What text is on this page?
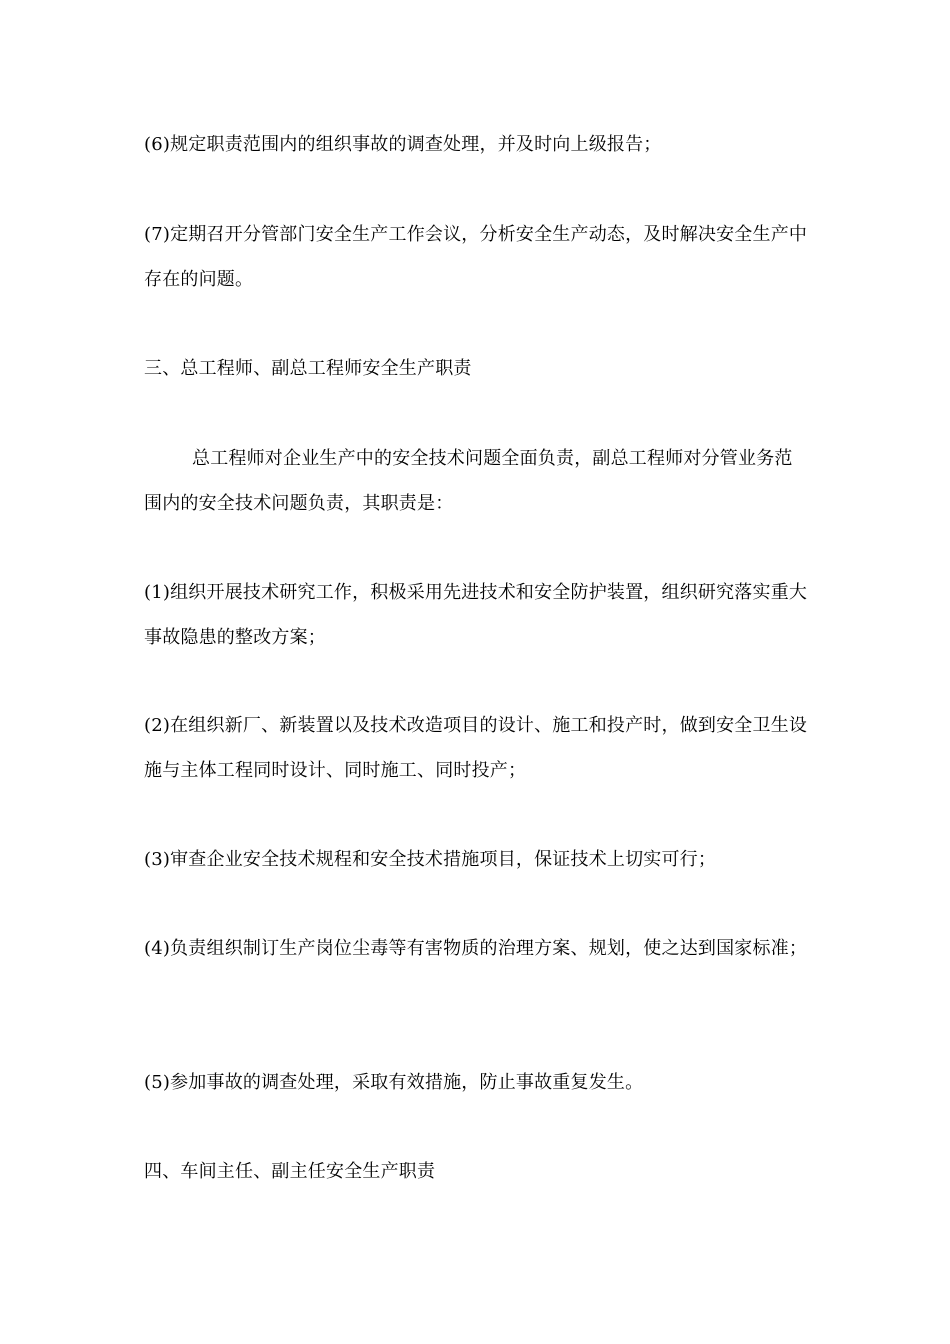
(6)规定职责范围内的组织事故的调查处理，并及时向上级报告；

(7)定期召开分管部门安全生产工作会议，分析安全生产动态，及时解决安全生产中存在的问题。

三、总工程师、副总工程师安全生产职责

总工程师对企业生产中的安全技术问题全面负责，副总工程师对分管业务范围内的安全技术问题负责，其职责是：

(1)组织开展技术研究工作，积极采用先进技术和安全防护装置，组织研究落实重大事故隐患的整改方案；

(2)在组织新厂、新装置以及技术改造项目的设计、施工和投产时，做到安全卫生设施与主体工程同时设计、同时施工、同时投产；

(3)审查企业安全技术规程和安全技术措施项目，保证技术上切实可行；

(4)负责组织制订生产岗位尘毒等有害物质的治理方案、规划，使之达到国家标准；

(5)参加事故的调查处理，采取有效措施，防止事故重复发生。

四、车间主任、副主任安全生产职责
